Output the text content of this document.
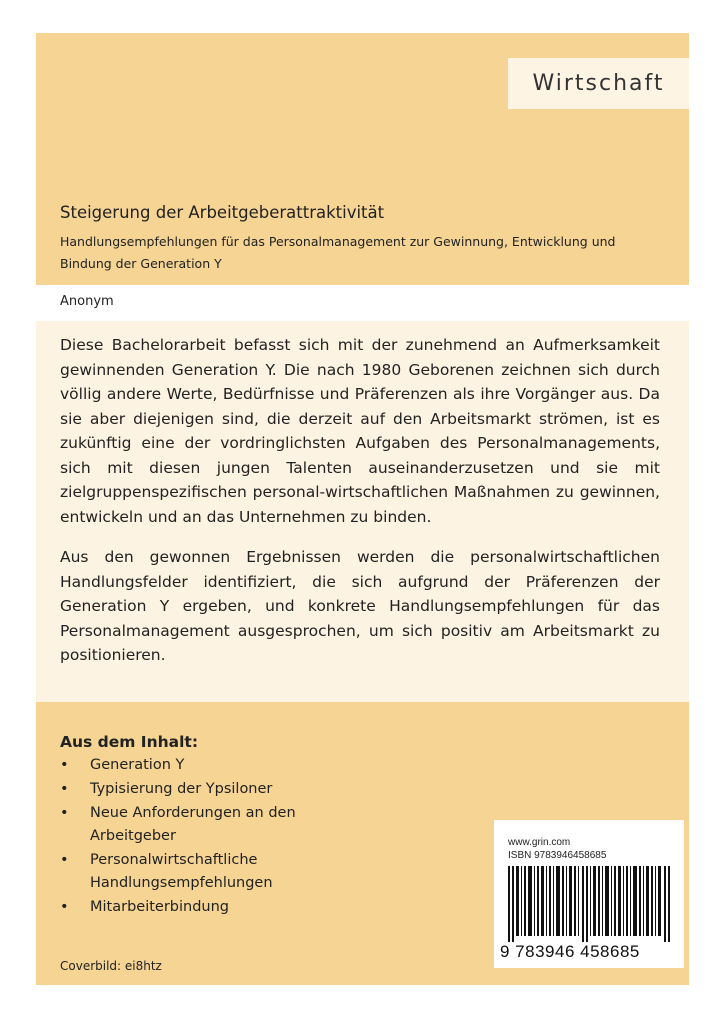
Wirtschaft
Steigerung der Arbeitgeberattraktivität
Handlungsempfehlungen für das Personalmanagement zur Gewinnung, Entwicklung und Bindung der Generation Y
Anonym

Diese Bachelorarbeit befasst sich mit der zunehmend an Aufmerksamkeit gewinnenden Generation Y. Die nach 1980 Geborenen zeichnen sich durch völlig andere Werte, Bedürfnisse und Präferenzen als ihre Vorgänger aus. Da sie aber diejenigen sind, die derzeit auf den Arbeitsmarkt strömen, ist es zukünftig eine der vordringlichsten Aufgaben des Personalmanagements, sich mit diesen jungen Talenten auseinanderzusetzen und sie mit zielgruppenspezifischen personal-wirtschaftlichen Maßnahmen zu gewinnen, entwickeln und an das Unternehmen zu binden.

Aus den gewonnen Ergebnissen werden die personalwirtschaftlichen Handlungsfelder identifiziert, die sich aufgrund der Präferenzen der Generation Y ergeben, und konkrete Handlungsempfehlungen für das Personalmanagement ausgesprochen, um sich positiv am Arbeitsmarkt zu positionieren.

Aus dem Inhalt:
• Generation Y
• Typisierung der Ypsiloner
• Neue Anforderungen an den Arbeitgeber
• Personalwirtschaftliche Handlungsempfehlungen
• Mitarbeiterbindung
www.grin.com
ISBN 9783946458685
9 783946 458685
Coverbild: ei8htz
